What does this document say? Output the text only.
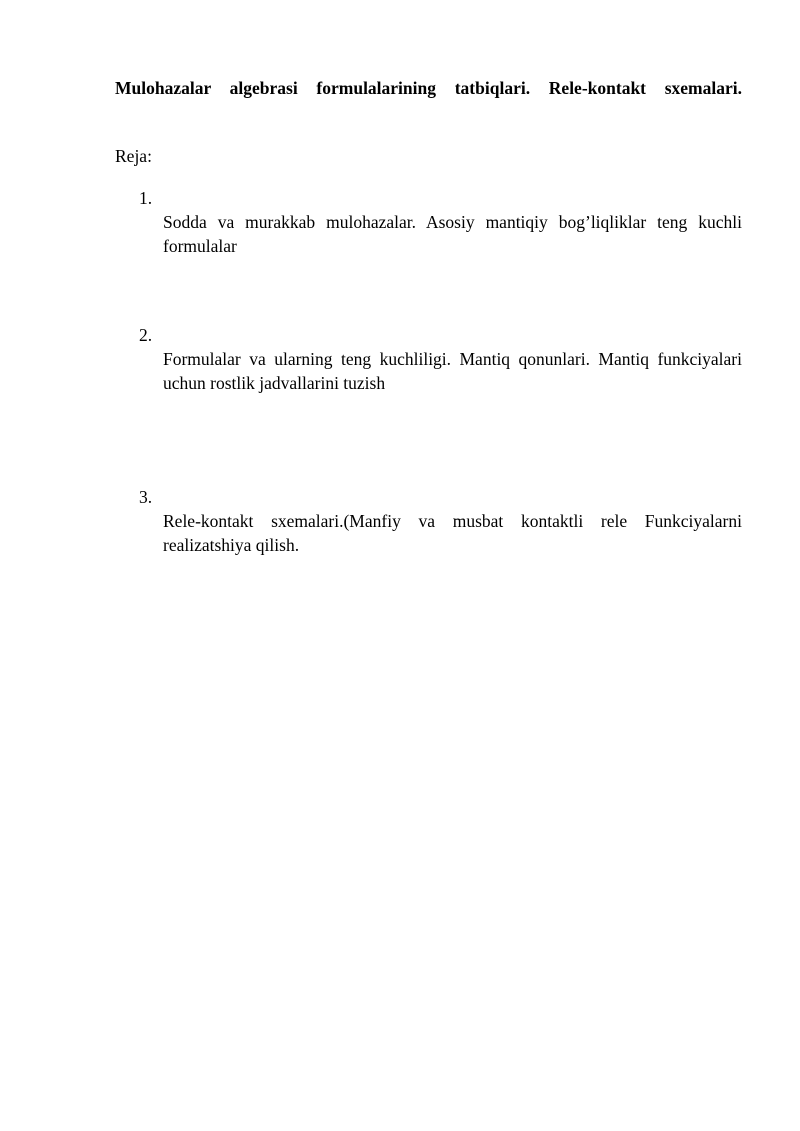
Mulohazalar algebrasi formulalarining tatbiqlari. Rele-kontakt sxemalari.

Reja:

1.

Sodda va murakkab mulohazalar. Asosiy mantiqiy bog’liqliklar teng kuchli formulalar

2.

Formulalar va ularning teng kuchliligi. Mantiq qonunlari. Mantiq funkciyalari uchun rostlik jadvallarini tuzish

3.

Rele-kontakt sxemalari.(Manfiy va musbat kontaktli rele Funkciyalarni realizatshiya qilish.
